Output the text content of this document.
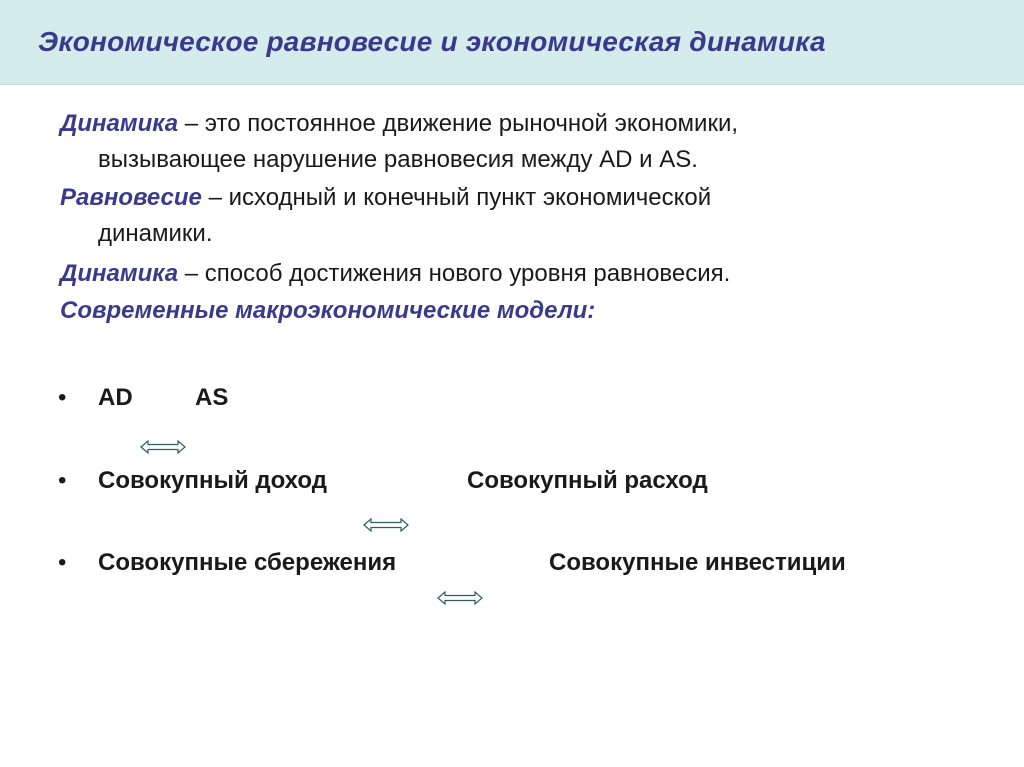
Экономическое равновесие и экономическая динамика
Динамика – это постоянное движение рыночной экономики,
вызывающее нарушение равновесия между AD и AS.
Равновесие – исходный и конечный пункт экономической
динамики.
Динамика – способ достижения нового уровня равновесия.
Современные макроэкономические модели:
• AD	AS
• Совокупный доход	Совокупный расход
• Совокупные сбережения	Совокупные инвестиции
